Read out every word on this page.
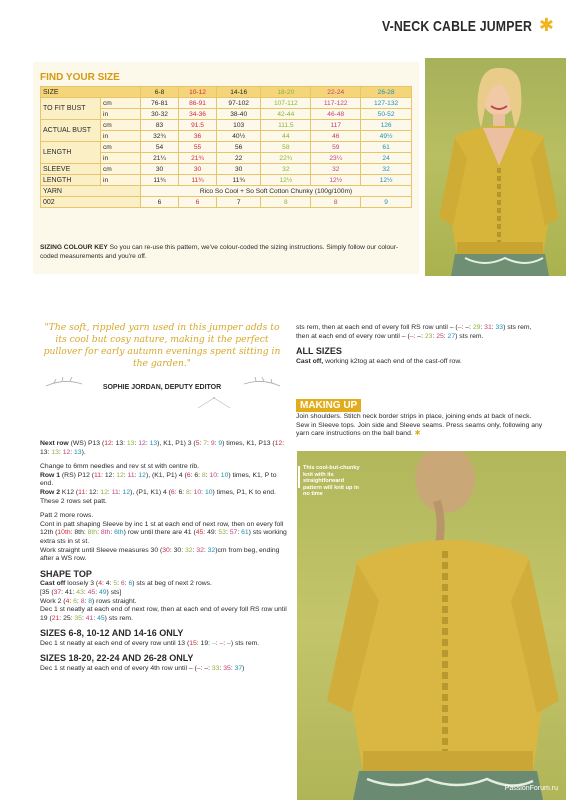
V-NECK CABLE JUMPER ✱
FIND YOUR SIZE
SIZE		6-8	10-12	14-16	18-20	22-24	26-28
TO FIT BUST	cm	76-81	86-91	97-102	107-112	117-122	127-132
	in	30-32	34-36	38-40	42-44	46-48	50-52
ACTUAL BUST	cm	83	91.5	103	111.5	117	126
	in	32¾	36	40½	44	46	49½
LENGTH	cm	54	55	56	58	59	61
	in	21¼	21¾	22	22¾	23¼	24
SLEEVE	cm	30	30	30	32	32	32
LENGTH	in	11¾	11¾	11¾	12½	12½	12½
YARN		Rico So Cool + So Soft Cotton Chunky (100g/100m)					
002		6	6	7	8	8	9
SIZING COLOUR KEY So you can re-use this pattern, we've colour-coded the sizing instructions. Simply follow our colour-coded measurements and you're off.
"The soft, rippled yarn used in this jumper adds to its cool but cosy nature, making it the perfect pullover for early autumn evenings spent sitting in the garden."
SOPHIE JORDAN, DEPUTY EDITOR

Next row (WS) P13 (12: 13: 13: 12: 13), K1, P1) 3 (5: 7: 9: 9) times, K1, P13 (12: 13: 13: 12: 13).

Change to 6mm needles and rev st st with centre rib.

Row 1 (RS) P12 (11: 12: 12: 11: 12), (K1, P1) 4 (6: 6: 8: 10: 10) times, K1, P to end.

Row 2 K12 (11: 12: 12: 11: 12), (P1, K1) 4 (6: 6: 8: 10: 10) times, P1, K to end.

These 2 rows set patt.

Patt 2 more rows.

Cont in patt shaping Sleeve by inc 1 st at each end of next row, then on every foll 12th (10th: 8th: 8th: 8th: 6th) row until there are 41 (45: 49: 53: 57: 61) sts working extra sts in st st.

Work straight until Sleeve measures 30 (30: 30: 32: 32: 32)cm from beg, ending after a WS row.

SHAPE TOP

Cast off loosely 3 (4: 4: 5: 6: 6) sts at beg of next 2 rows.

[35 (37: 41: 43: 45: 49) sts]

Work 2 (4: 6: 8: 8) rows straight.

Dec 1 st neatly at each end of next row, then at each end of every foll RS row until 19 (21: 25: 35: 41: 45) sts rem.

SIZES 6-8, 10-12 AND 14-16 ONLY

Dec 1 st neatly at each end of every row until 13 (15: 19: –: –: –) sts rem.

SIZES 18-20, 22-24 AND 26-28 ONLY

Dec 1 st neatly at each end of every 4th row until – (–: –: 33: 35: 37)

sts rem, then at each end of every foll RS row until – (–: –: 29: 31: 33) sts rem, then at each end of every row until – (–: –: 23: 25: 27) sts rem.

ALL SIZES

Cast off, working k2tog at each end of the cast-off row.

MAKING UP

Join shoulders. Stitch neck border strips in place, joining ends at back of neck. Sew in Sleeve tops. Join side and Sleeve seams. Press seams only, following any yarn care instructions on the ball band. ✱

This cool-but-chunky knit with its straightforward pattern will knit up in no time
PassionForum.ru
